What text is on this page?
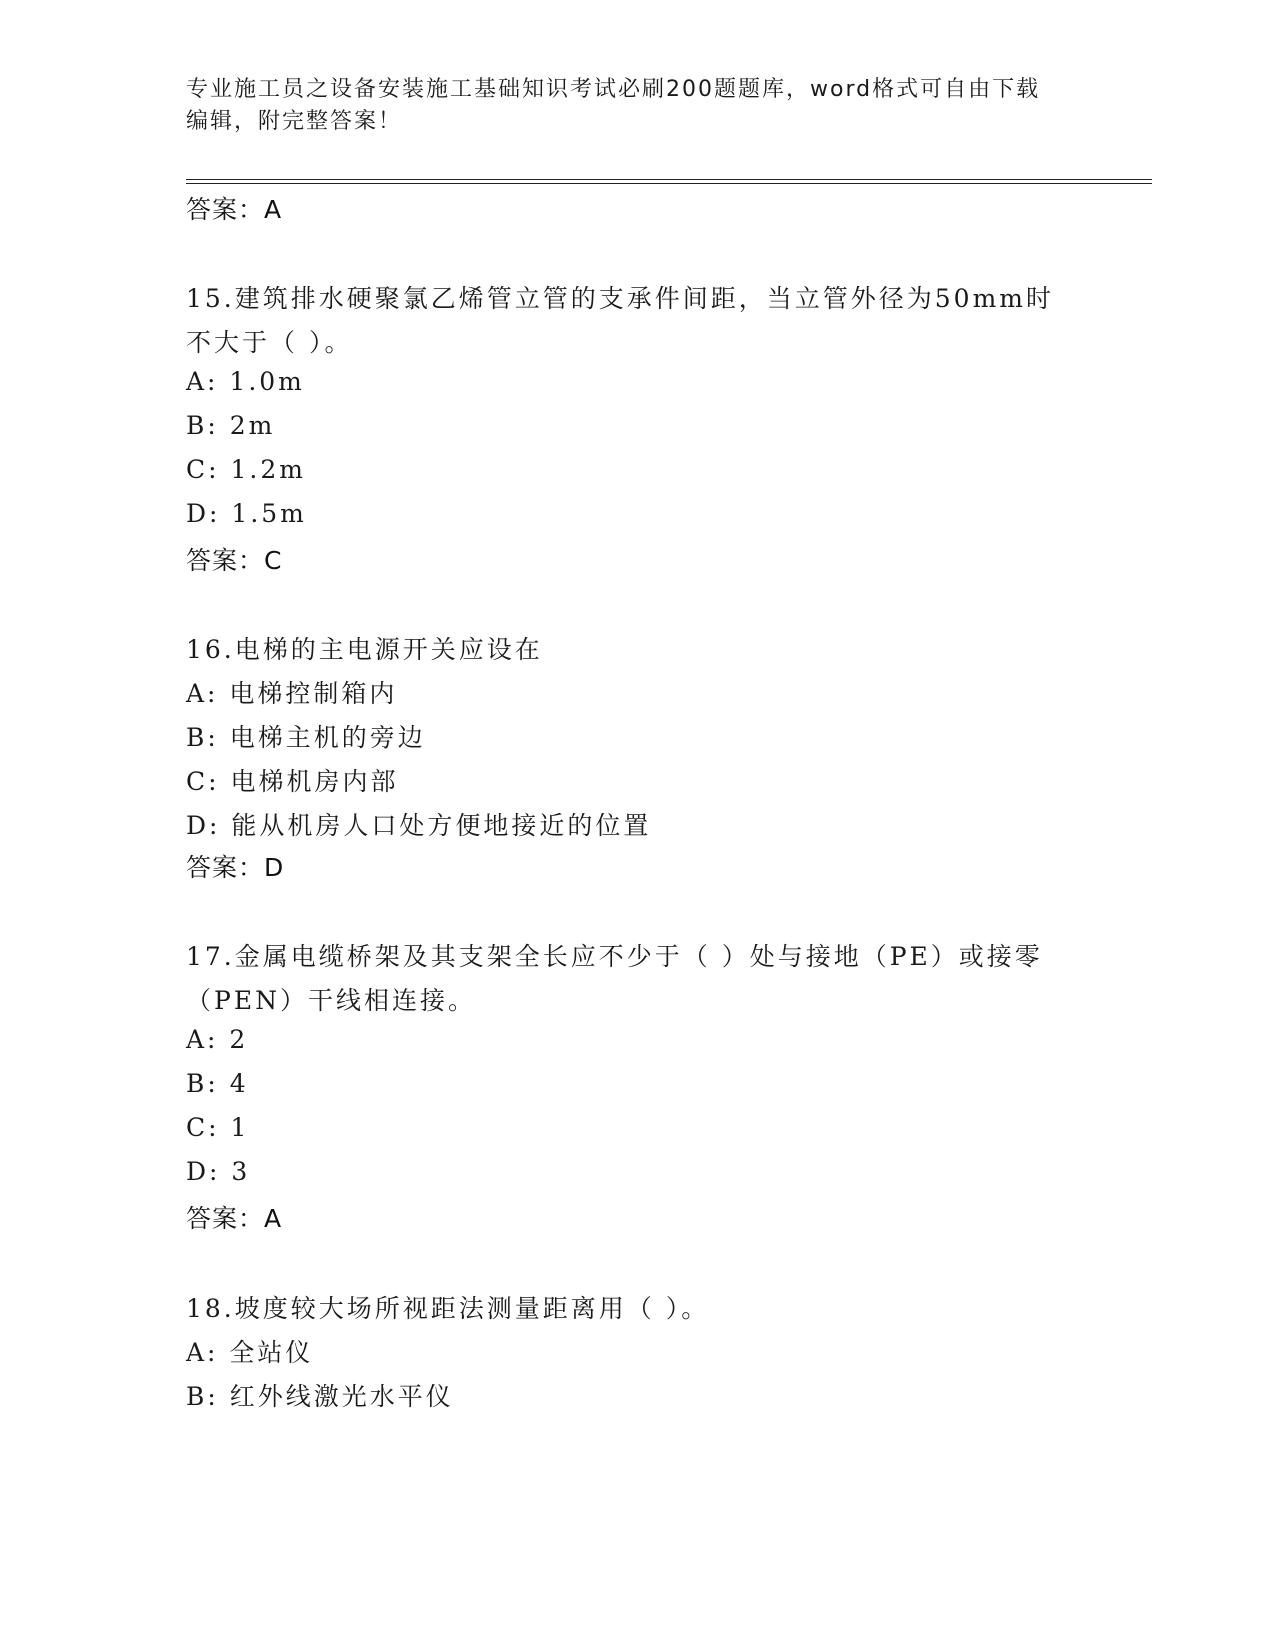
专业施工员之设备安装施工基础知识考试必刷200题题库，word格式可自由下载
编辑，附完整答案！
答案：A
15.建筑排水硬聚氯乙烯管立管的支承件间距，当立管外径为50mm时
不大于（ ）。
A: 1.0m
B: 2m
C: 1.2m
D: 1.5m
答案：C
16.电梯的主电源开关应设在
A: 电梯控制箱内
B: 电梯主机的旁边
C: 电梯机房内部
D: 能从机房人口处方便地接近的位置
答案：D
17.金属电缆桥架及其支架全长应不少于（ ）处与接地（PE）或接零
（PEN）干线相连接。
A: 2
B: 4
C: 1
D: 3
答案：A
18.坡度较大场所视距法测量距离用（ ）。
A: 全站仪
B: 红外线激光水平仪
